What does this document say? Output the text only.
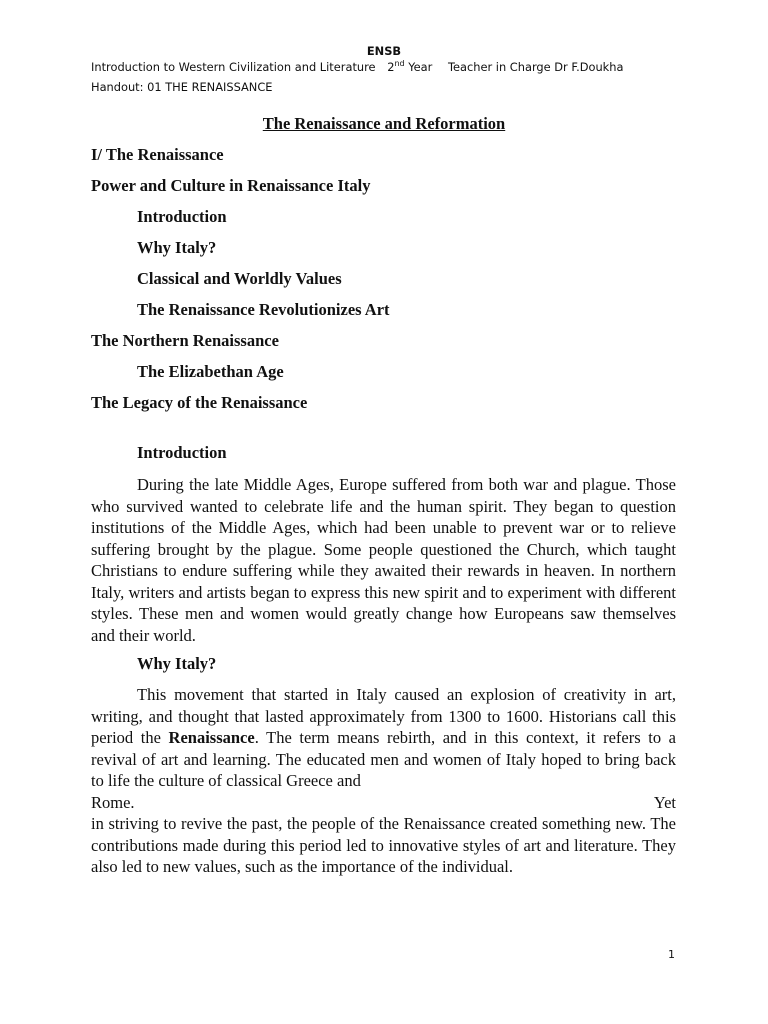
ENSB
Introduction to Western Civilization and Literature 2nd Year Teacher in Charge Dr F.Doukha
Handout: 01 THE RENAISSANCE
The Renaissance and Reformation
I/ The Renaissance
Power and Culture in Renaissance Italy
Introduction
Why Italy?
Classical and Worldly Values
The Renaissance Revolutionizes Art
The Northern Renaissance
The Elizabethan Age
The Legacy of the Renaissance
Introduction

During the late Middle Ages, Europe suffered from both war and plague. Those who survived wanted to celebrate life and the human spirit. They began to question institutions of the Middle Ages, which had been unable to prevent war or to relieve suffering brought by the plague. Some people questioned the Church, which taught Christians to endure suffering while they awaited their rewards in heaven. In northern Italy, writers and artists began to express this new spirit and to experiment with different styles. These men and women would greatly change how Europeans saw themselves and their world.

Why Italy?

This movement that started in Italy caused an explosion of creativity in art, writing, and thought that lasted approximately from 1300 to 1600. Historians call this period the Renaissance. The term means rebirth, and in this context, it refers to a revival of art and learning. The educated men and women of Italy hoped to bring back to life the culture of classical Greece and

Rome.	Yet
in striving to revive the past, the people of the Renaissance created something new. The contributions made during this period led to innovative styles of art and literature. They also led to new values, such as the importance of the individual.
1
